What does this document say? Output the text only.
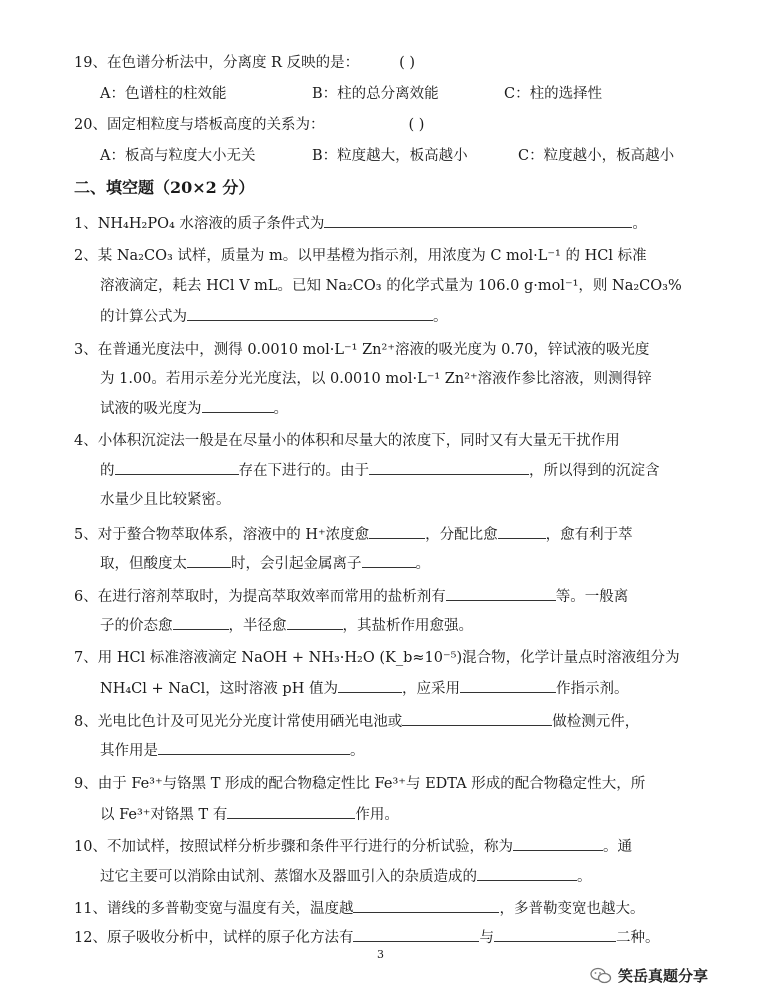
19、在色谱分析法中，分离度 R 反映的是：	( )
A：色谱柱的柱效能	B：柱的总分离效能	C：柱的选择性
20、固定相粒度与塔板高度的关系为：	( )
A：板高与粒度大小无关	B：粒度越大，板高越小	C：粒度越小，板高越小
二、填空题（20×2 分）
1、NH₄H₂PO₄ 水溶液的质子条件式为	。
2、某 Na₂CO₃ 试样，质量为 m。以甲基橙为指示剂，用浓度为 C mol·L⁻¹ 的 HCl 标准
溶液滴定，耗去 HCl V mL。已知 Na₂CO₃ 的化学式量为 106.0 g·mol⁻¹，则 Na₂CO₃%
的计算公式为	。
3、在普通光度法中，测得 0.0010 mol·L⁻¹ Zn²⁺溶液的吸光度为 0.70，锌试液的吸光度
为 1.00。若用示差分光光度法，以 0.0010 mol·L⁻¹ Zn²⁺溶液作参比溶液，则测得锌
试液的吸光度为	。
4、小体积沉淀法一般是在尽量小的体积和尽量大的浓度下，同时又有大量无干扰作用
的	存在下进行的。由于	，所以得到的沉淀含
水量少且比较紧密。
5、对于螯合物萃取体系，溶液中的 H⁺浓度愈	，分配比愈	，愈有利于萃
取，但酸度太	时，会引起金属离子	。
6、在进行溶剂萃取时，为提高萃取效率而常用的盐析剂有	等。一般离
子的价态愈	，半径愈	，其盐析作用愈强。
7、用 HCl 标准溶液滴定 NaOH + NH₃·H₂O (K_b≈10⁻⁵)混合物，化学计量点时溶液组分为
NH₄Cl + NaCl，这时溶液 pH 值为	，应采用	作指示剂。
8、光电比色计及可见光分光度计常使用硒光电池或	做检测元件，
其作用是	。
9、由于 Fe³⁺与铬黑 T 形成的配合物稳定性比 Fe³⁺与 EDTA 形成的配合物稳定性大，所
以 Fe³⁺对铬黑 T 有	作用。
10、不加试样，按照试样分析步骤和条件平行进行的分析试验，称为	。通
过它主要可以消除由试剂、蒸馏水及器皿引入的杂质造成的	。
11、谱线的多普勒变宽与温度有关，温度越	，多普勒变宽也越大。
12、原子吸收分析中，试样的原子化方法有	与	二种。
3
笑岳真题分享
